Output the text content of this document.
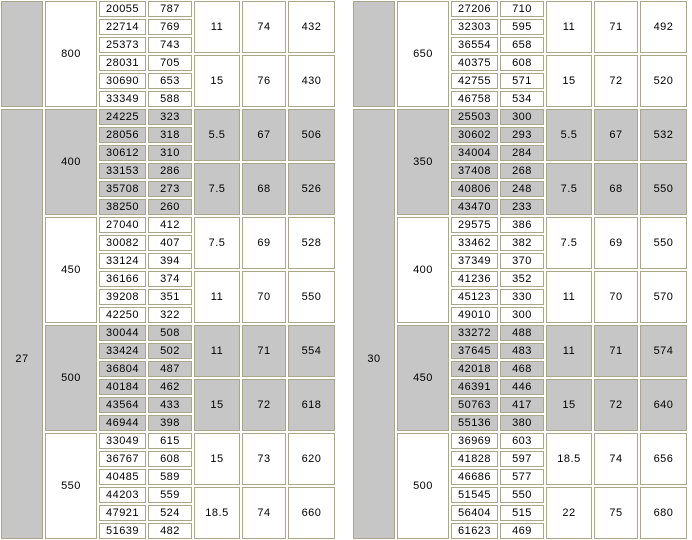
	800	20055	787	11	74	432
		22714	769			
		25373	743			
		28031	705	15	76	430
		30690	653			
		33349	588			
27	400	24225	323	5.5	67	506
		28056	318			
		30612	310			
		33153	286	7.5	68	526
		35708	273			
		38250	260			
	450	27040	412	7.5	69	528
		30082	407			
		33124	394			
		36166	374	11	70	550
		39208	351			
		42250	322			
	500	30044	508	11	71	554
		33424	502			
		36804	487			
		40184	462	15	72	618
		43564	433			
		46944	398			
	550	33049	615	15	73	620
		36767	608			
		40485	589			
		44203	559	18.5	74	660
		47921	524			
		51639	482			
	650	27206	710	11	71	492
		32303	595			
		36554	658			
		40375	608	15	72	520
		42755	571			
		46758	534			
30	350	25503	300	5.5	67	532
		30602	293			
		34004	284			
		37408	268	7.5	68	550
		40806	248			
		43470	233			
	400	29575	386	7.5	69	550
		33462	382			
		37349	370			
		41236	352	11	70	570
		45123	330			
		49010	300			
	450	33272	488	11	71	574
		37645	483			
		42018	468			
		46391	446	15	72	640
		50763	417			
		55136	380			
	500	36969	603	18.5	74	656
		41828	597			
		46686	577			
		51545	550	22	75	680
		56404	515			
		61623	469			
